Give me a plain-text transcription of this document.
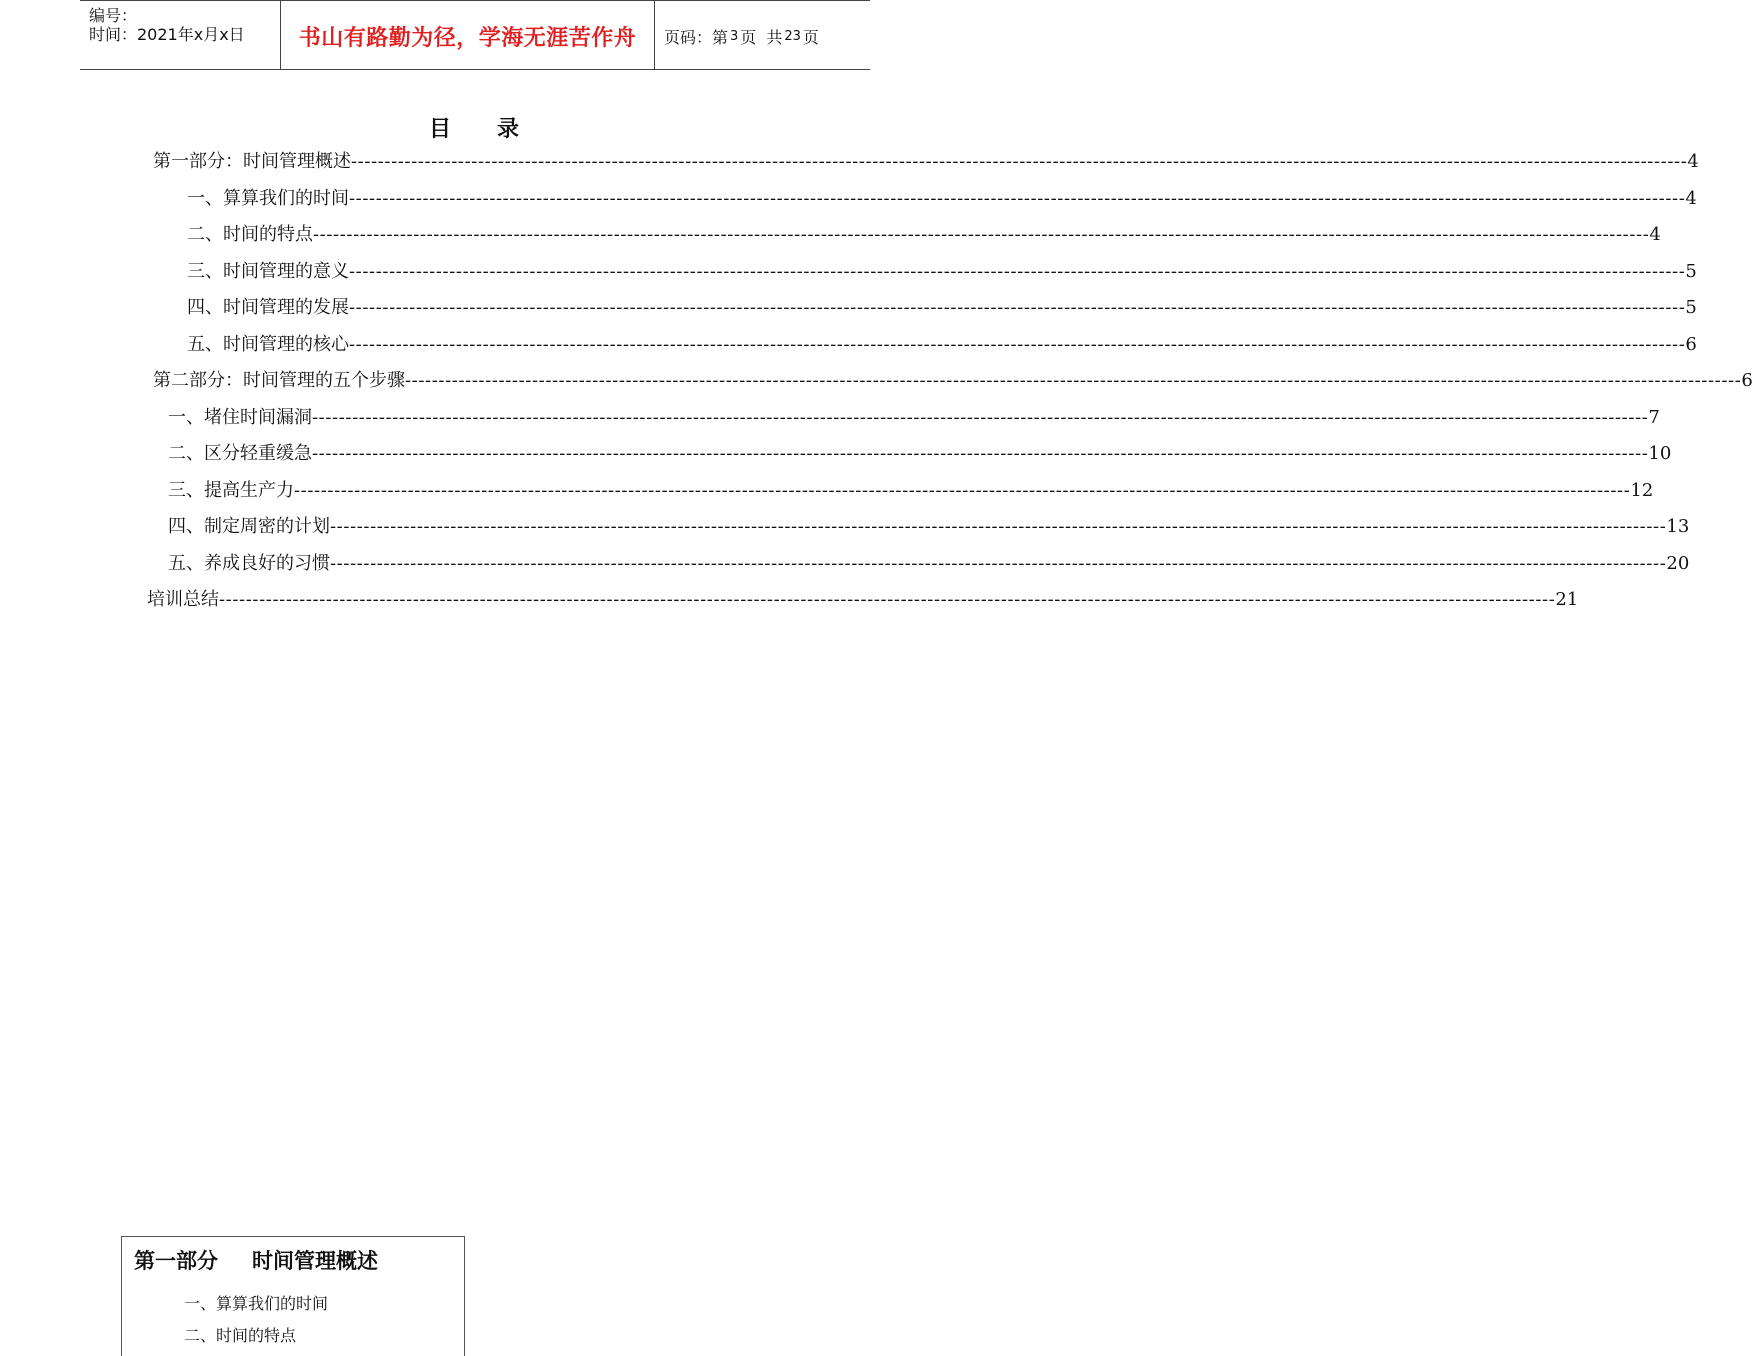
编号：
时间：2021年x月x日 书山有路勤为径，学海无涯苦作舟 页码：第 3 页 共 23 页
目 录
第一部分：时间管理概述 -------------------------------------------------------------------------------------------------------------------------------------------------------------------------------------------------------- 4
一、算算我们的时间 -------------------------------------------------------------------------------------------------------------------------------------------------------------------------------------------------------- 4
二、时间的特点 -------------------------------------------------------------------------------------------------------------------------------------------------------------------------------------------------------- 4
三、时间管理的意义 -------------------------------------------------------------------------------------------------------------------------------------------------------------------------------------------------------- 5
四、时间管理的发展 -------------------------------------------------------------------------------------------------------------------------------------------------------------------------------------------------------- 5
五、时间管理的核心 -------------------------------------------------------------------------------------------------------------------------------------------------------------------------------------------------------- 6
第二部分：时间管理的五个步骤 -------------------------------------------------------------------------------------------------------------------------------------------------------------------------------------------------------- 6
一、堵住时间漏洞 -------------------------------------------------------------------------------------------------------------------------------------------------------------------------------------------------------- 7
二、区分轻重缓急 -------------------------------------------------------------------------------------------------------------------------------------------------------------------------------------------------------- 10
三、提高生产力 -------------------------------------------------------------------------------------------------------------------------------------------------------------------------------------------------------- 12
四、制定周密的计划 -------------------------------------------------------------------------------------------------------------------------------------------------------------------------------------------------------- 13
五、养成良好的习惯 -------------------------------------------------------------------------------------------------------------------------------------------------------------------------------------------------------- 20
培训总结 -------------------------------------------------------------------------------------------------------------------------------------------------------------------------------------------------------- 21
第一部分 时间管理概述
一、算算我们的时间
二、时间的特点
